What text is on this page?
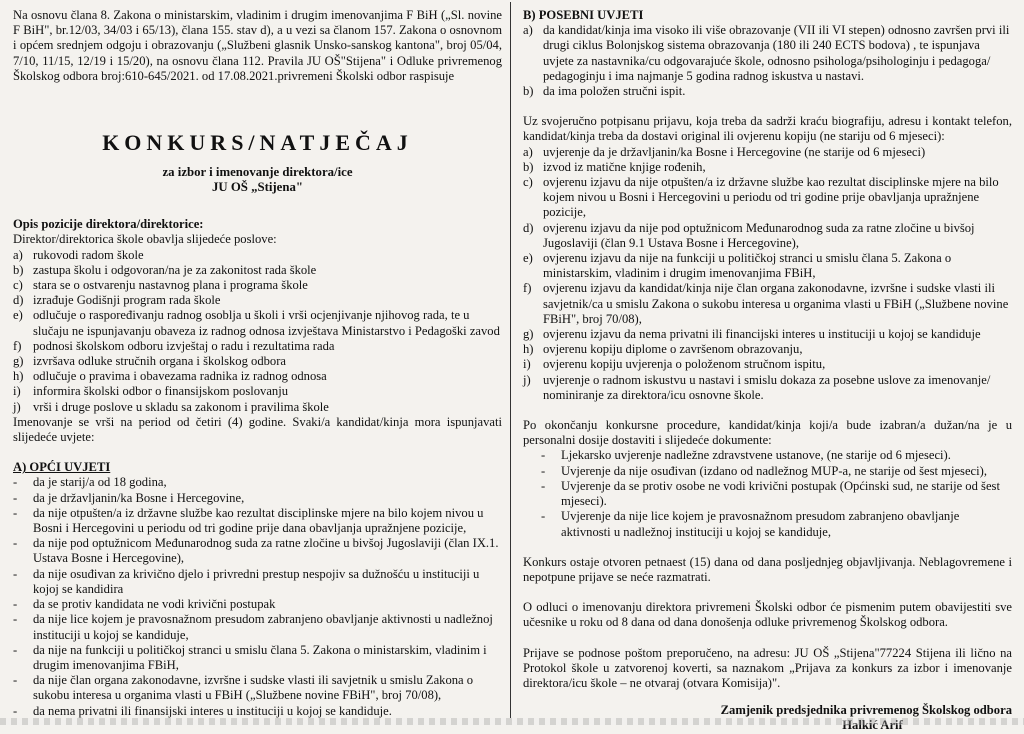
Na osnovu člana 8. Zakona o ministarskim, vladinim i drugim imenovanjima F BiH („Sl. novine F BiH", br.12/03, 34/03 i 65/13), člana 155. stav d), a u vezi sa članom 157. Zakona o osnovnom i općem srednjem odgoju i obrazovanju („Službeni glasnik Unsko-sanskog kantona", broj 05/04, 7/10, 11/15, 12/19 i 15/20), na osnovu člana 112. Pravila JU OŠ"Stijena" i Odluke privremenog Školskog odbora broj:610-645/2021. od 17.08.2021.privremeni Školski odbor raspisuje

KONKURS/NATJEČAJ
za izbor i imenovanje direktora/ice
JU OŠ „Stijena"

Opis pozicije direktora/direktorice:

Direktor/direktorica škole obavlja slijedeće poslove:

a) rukovodi radom škole
b) zastupa školu i odgovoran/na je za zakonitost rada škole
c) stara se o ostvarenju nastavnog plana i programa škole
d) izrađuje Godišnji program rada škole
e) odlučuje o raspoređivanju radnog osoblja u školi i vrši ocjenjivanje njihovog rada, te u slučaju ne ispunjavanju obaveza iz radnog odnosa izvještava Ministarstvo i Pedagoški zavod
f) podnosi školskom odboru izvještaj o radu i rezultatima rada
g) izvršava odluke stručnih organa i školskog odbora
h) odlučuje o pravima i obavezama radnika iz radnog odnosa
i) informira školski odbor o finansijskom poslovanju
j) vrši i druge poslove u skladu sa zakonom i pravilima škole

Imenovanje se vrši na period od četiri (4) godine. Svaki/a kandidat/kinja mora ispunjavati slijedeće uvjete:

A) OPĆI UVJETI

- da je starij/a od 18 godina,
- da je državljanin/ka Bosne i Hercegovine,
- da nije otpušten/a iz državne službe kao rezultat disciplinske mjere na bilo kojem nivou u Bosni i Hercegovini u periodu od tri godine prije dana obavljanja upražnjene pozicije,
- da nije pod optužnicom Međunarodnog suda za ratne zločine u bivšoj Jugoslaviji (član IX.1. Ustava Bosne i Hercegovine),
- da nije osuđivan za krivično djelo i privredni prestup nespojiv sa dužnošću u instituciji u kojoj se kandidira
- da se protiv kandidata ne vodi krivični postupak
- da nije lice kojem je pravosnažnom presudom zabranjeno obavljanje aktivnosti u nadležnoj instituciji u kojoj se kandiduje,
- da nije na funkciji u političkoj stranci u smislu člana 5. Zakona o ministarskim, vladinim i drugim imenovanjima FBiH,
- da nije član organa zakonodavne, izvršne i sudske vlasti ili savjetnik u smislu Zakona o sukobu interesa u organima vlasti u FBiH („Službene novine FBiH", broj 70/08),
- da nema privatni ili finansijski interes u instituciji u kojoj se kandiduje.

B) POSEBNI UVJETI

a) da kandidat/kinja ima visoko ili više obrazovanje (VII ili VI stepen) odnosno završen prvi ili drugi ciklus Bolonjskog sistema obrazovanja (180 ili 240 ECTS bodova) , te ispunjava uvjete za nastavnika/cu odgovarajuće škole, odnosno psihologa/psihologinju i pedagoga/ pedagoginju i ima najmanje 5 godina radnog iskustva u nastavi.
b) da ima položen stručni ispit.

Uz svojeručno potpisanu prijavu, koja treba da sadrži kraću biografiju, adresu i kontakt telefon, kandidat/kinja treba da dostavi original ili ovjerenu kopiju (ne stariju od 6 mjeseci):

a) uvjerenje da je državljanin/ka Bosne i Hercegovine (ne starije od 6 mjeseci)
b) izvod iz matične knjige rođenih,
c) ovjerenu izjavu da nije otpušten/a iz državne službe kao rezultat disciplinske mjere na bilo kojem nivou u Bosni i Hercegovini u periodu od tri godine prije obavljanja upražnjene pozicije,
d) ovjerenu izjavu da nije pod optužnicom Međunarodnog suda za ratne zločine u bivšoj Jugoslaviji (član 9.1 Ustava Bosne i Hercegovine),
e) ovjerenu izjavu da nije na funkciji u političkoj stranci u smislu člana 5. Zakona o ministarskim, vladinim i drugim imenovanjima FBiH,
f) ovjerenu izjavu da kandidat/kinja nije član organa zakonodavne, izvršne i sudske vlasti ili savjetnik/ca u smislu Zakona o sukobu interesa u organima vlasti u FBiH („Službene novine FBiH", broj 70/08),
g) ovjerenu izjavu da nema privatni ili financijski interes u instituciji u kojoj se kandiduje
h) ovjerenu kopiju diplome o završenom obrazovanju,
i) ovjerenu kopiju uvjerenja o položenom stručnom ispitu,
j) uvjerenje o radnom iskustvu u nastavi i smislu dokaza za posebne uslove za imenovanje/ nominiranje za direktora/icu osnovne škole.

Po okončanju konkursne procedure, kandidat/kinja koji/a bude izabran/a dužan/na je u personalni dosije dostaviti i slijedeće dokumente:

- Ljekarsko uvjerenje nadležne zdravstvene ustanove, (ne starije od 6 mjeseci).
- Uvjerenje da nije osuđivan (izdano od nadležnog MUP-a, ne starije od šest mjeseci),
- Uvjerenje da se protiv osobe ne vodi krivični postupak (Općinski sud, ne starije od šest mjeseci).
- Uvjerenje da nije lice kojem je pravosnažnom presudom zabranjeno obavljanje aktivnosti u nadležnoj instituciji u kojoj se kandiduje,

Konkurs ostaje otvoren petnaest (15) dana od dana posljednjeg objavljivanja. Neblagovremene i nepotpune prijave se neće razmatrati.

O odluci o imenovanju direktora privremeni Školski odbor će pismenim putem obavijestiti sve učesnike u roku od 8 dana od dana donošenja odluke privremenog Školskog odbora.

Prijave se podnose poštom preporučeno, na adresu: JU OŠ „Stijena"77224 Stijena ili lično na Protokol škole u zatvorenoj koverti, sa naznakom „Prijava za konkurs za izbor i imenovanje direktora/icu škole – ne otvaraj (otvara Komisija)".

Zamjenik predsjednika privremenog Školskog odbora

Halkić Arif
